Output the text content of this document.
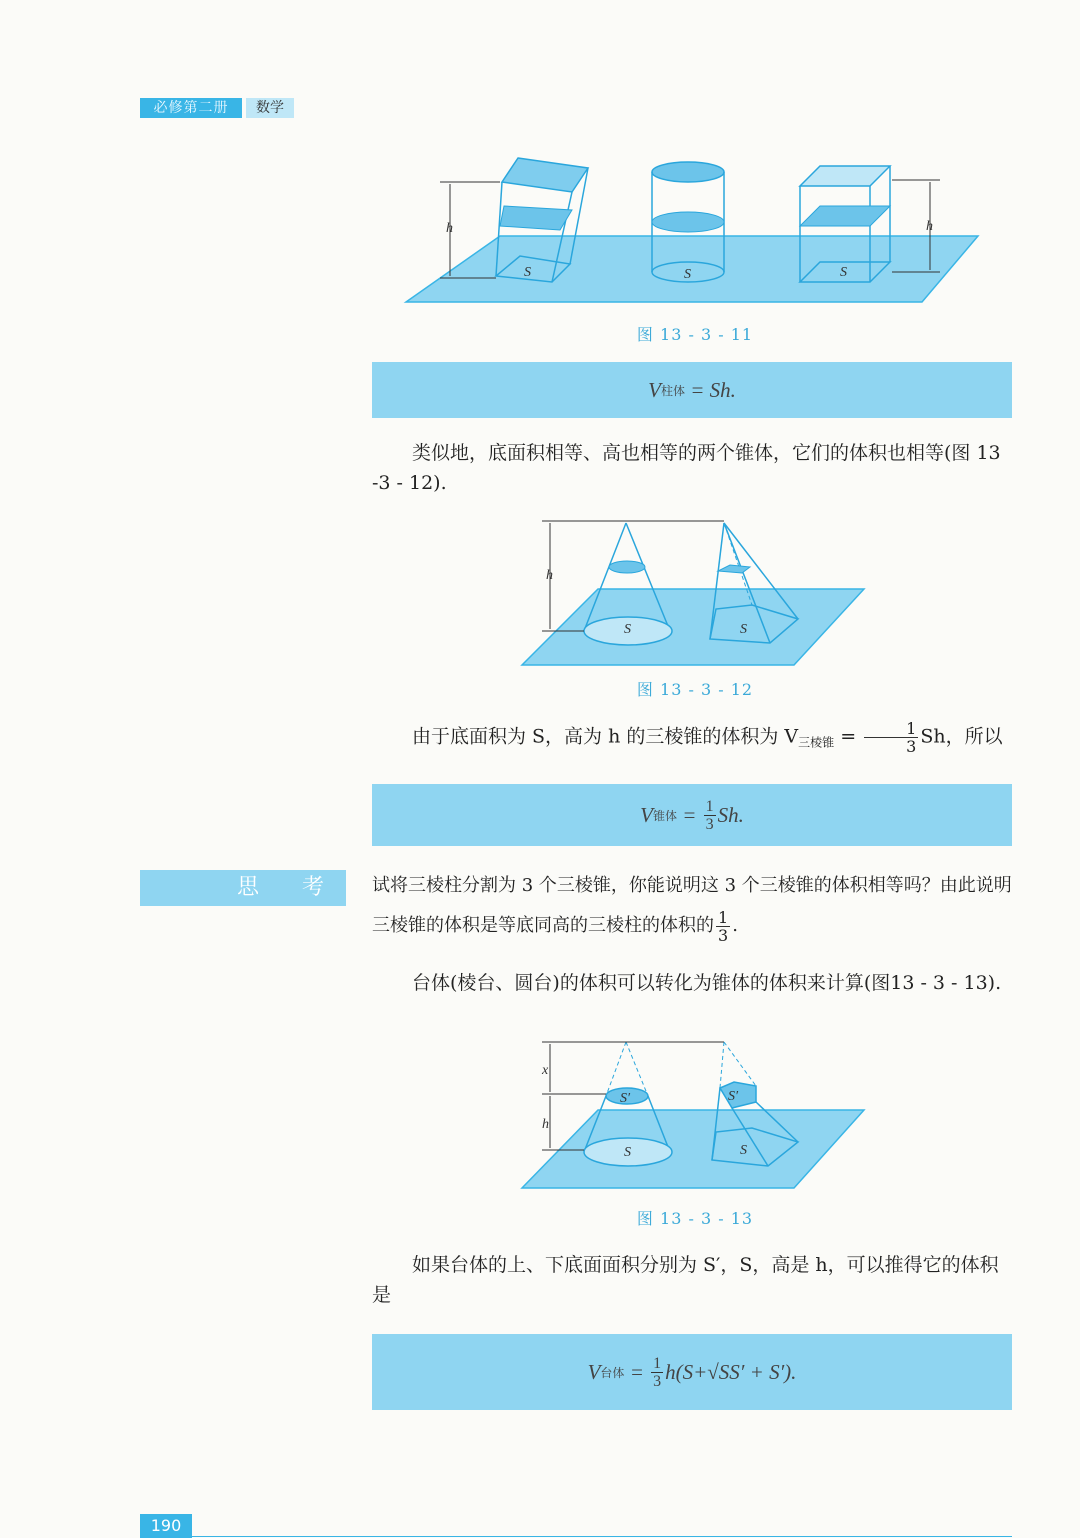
必修第二册	数学
S
h
S	S
h
图 13 - 3 - 11
V 柱体 = Sh.
类似地，底面积相等、高也相等的两个锥体，它们的体积也相等(图 13 -3 - 12).
S	S
h
图 13 - 3 - 12
由于底面积为 S，高为 h 的三棱锥的体积为 $V_{三棱锥} = \frac{1}{3}$ Sh，所以
V 锥体 = $\frac{1}{3} Sh$.
思 考 试将三棱柱分割为 3 个三棱锥，你能说明这 3 个三棱锥的体积相等吗？由此说明三棱锥的体积是等底同高的三棱柱的体积的 $\frac{1}{3}$ .
台体(棱台、圆台)的体积可以转化为锥体的体积来计算(图13 - 3 - 13).
S′
S
S′
S
x
h
图 13 - 3 - 13
如果台体的上、下底面面积分别为 S′，S，高是 h，可以推得它的体积是
V 台体 = $\frac{1}{3} h(S+√SS' + S')$.
190
